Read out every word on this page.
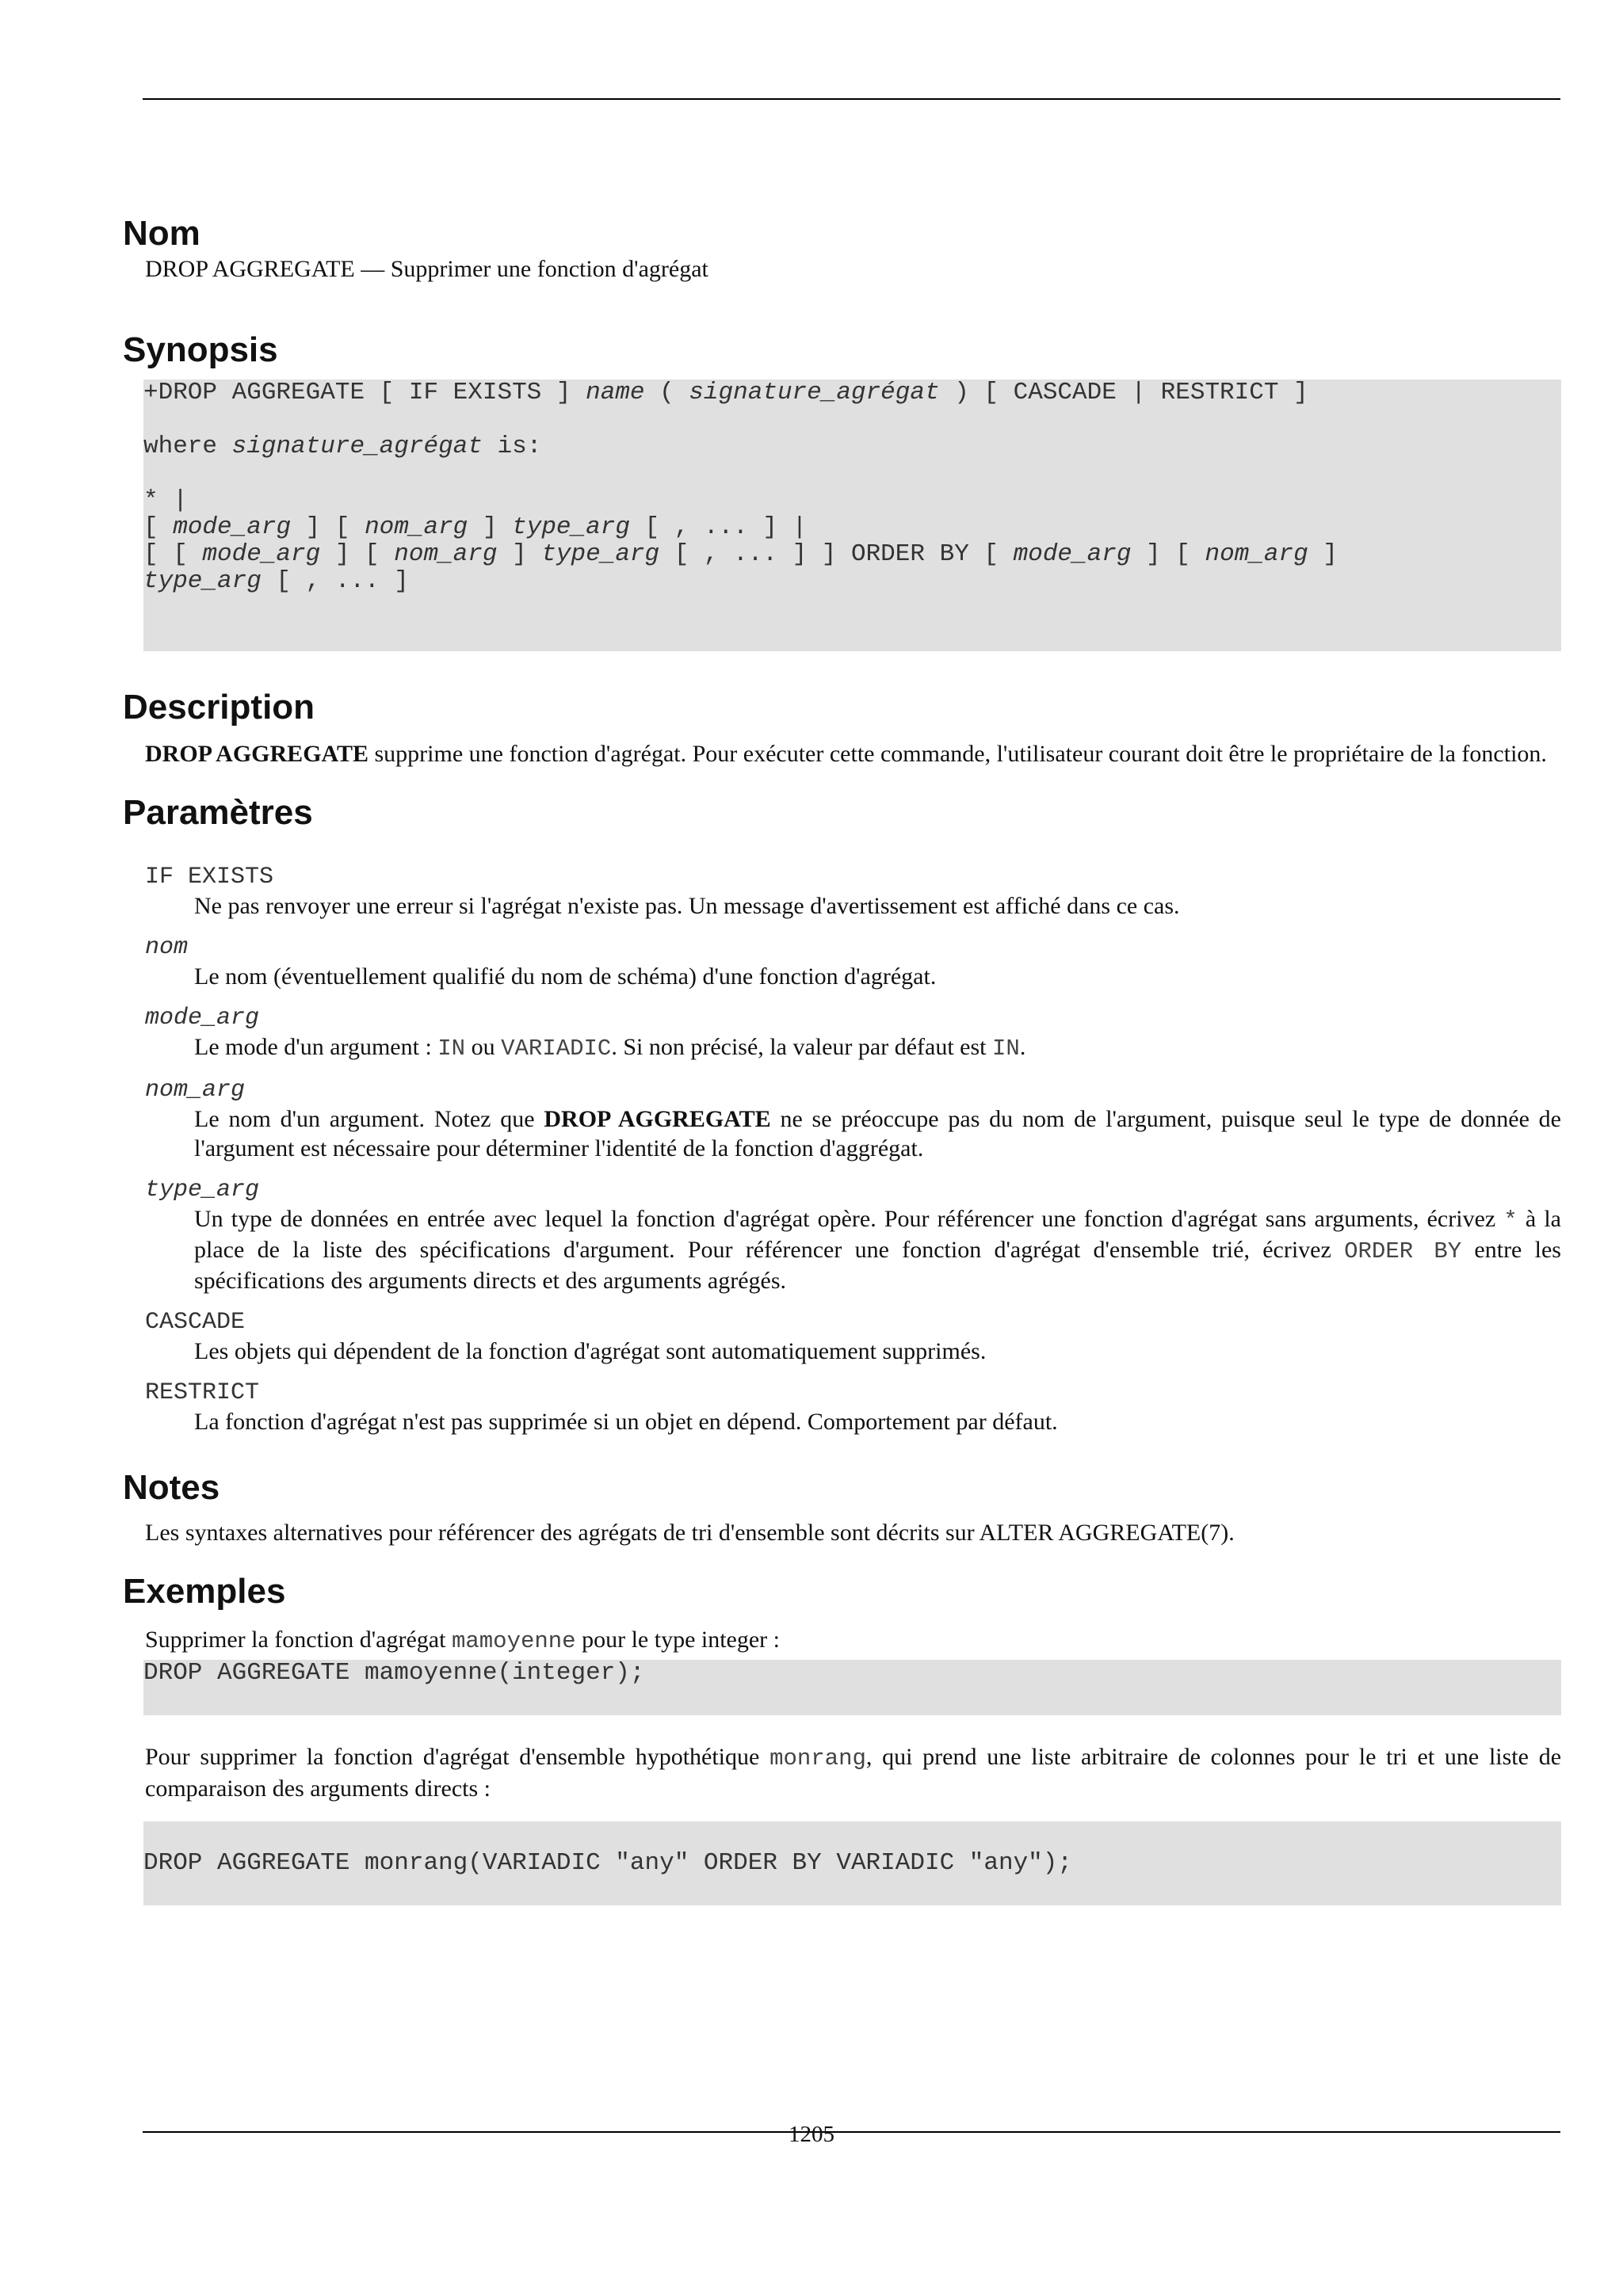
Nom

DROP AGGREGATE — Supprimer une fonction d'agrégat

Synopsis
+DROP AGGREGATE [ IF EXISTS ] name ( signature_agrégat ) [ CASCADE | RESTRICT ]
where signature_agrégat is:
* |
[ mode_arg ] [ nom_arg ] type_arg [ , ... ] |
[ [ mode_arg ] [ nom_arg ] type_arg [ , ... ] ] ORDER BY [ mode_arg ] [ nom_arg ]
type_arg [ , ... ]
Description

DROP AGGREGATE supprime une fonction d'agrégat. Pour exécuter cette commande, l'utilisateur courant doit être le propriétaire de la fonction.

Paramètres
IF EXISTS
Ne pas renvoyer une erreur si l'agrégat n'existe pas. Un message d'avertissement est affiché dans ce cas.
nom
Le nom (éventuellement qualifié du nom de schéma) d'une fonction d'agrégat.
mode_arg
Le mode d'un argument : IN ou VARIADIC. Si non précisé, la valeur par défaut est IN.
nom_arg
Le nom d'un argument. Notez que DROP AGGREGATE ne se préoccupe pas du nom de l'argument, puisque seul le type de donnée de l'argument est nécessaire pour déterminer l'identité de la fonction d'aggrégat.
type_arg
Un type de données en entrée avec lequel la fonction d'agrégat opère. Pour référencer une fonction d'agrégat sans arguments, écrivez * à la place de la liste des spécifications d'argument. Pour référencer une fonction d'agrégat d'ensemble trié, écrivez ORDER BY entre les spécifications des arguments directs et des arguments agrégés.
CASCADE
Les objets qui dépendent de la fonction d'agrégat sont automatiquement supprimés.
RESTRICT
La fonction d'agrégat n'est pas supprimée si un objet en dépend. Comportement par défaut.
Notes

Les syntaxes alternatives pour référencer des agrégats de tri d'ensemble sont décrits sur ALTER AGGREGATE(7).

Exemples

Supprimer la fonction d'agrégat mamoyenne pour le type integer :

DROP AGGREGATE mamoyenne(integer);

Pour supprimer la fonction d'agrégat d'ensemble hypothétique monrang, qui prend une liste arbitraire de colonnes pour le tri et une liste de comparaison des arguments directs :

DROP AGGREGATE monrang(VARIADIC "any" ORDER BY VARIADIC "any");
1205
